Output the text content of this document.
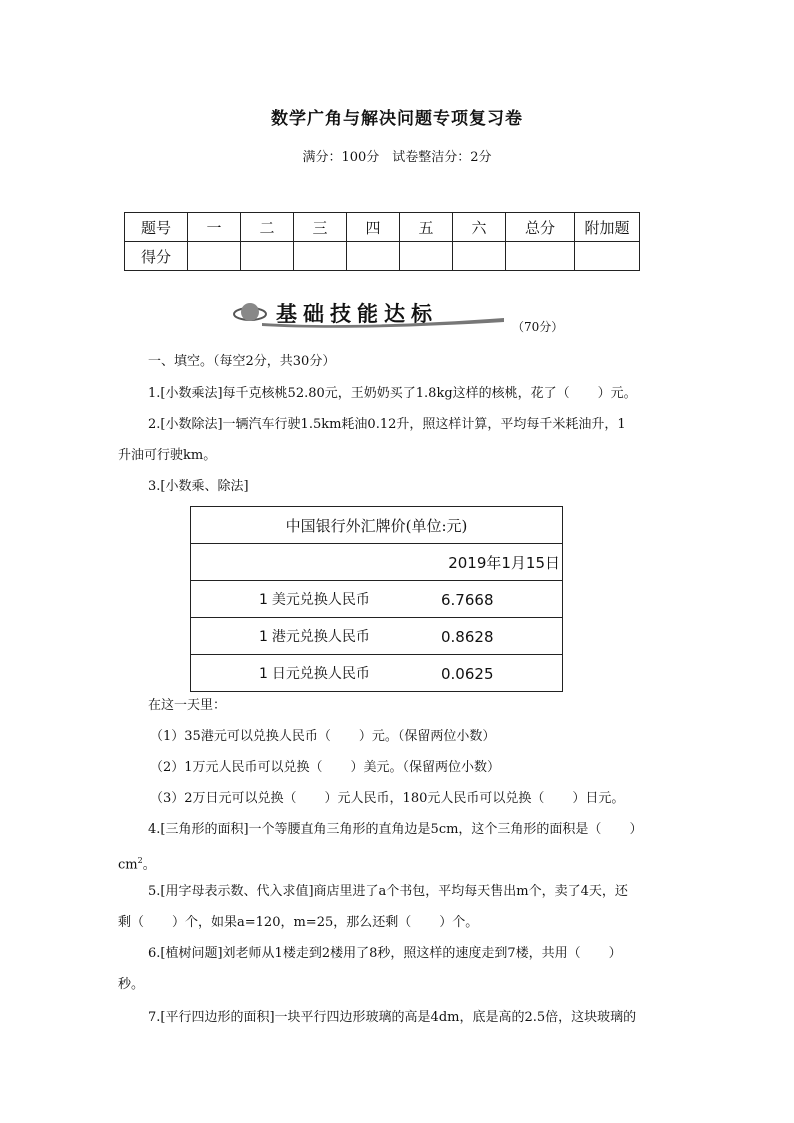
数学广角与解决问题专项复习卷
满分：100分　试卷整洁分：2分
题号	一	二	三	四	五	六	总分	附加题
得分								
基础技能达标
（70分）
一、填空。（每空2分，共30分）
1.[小数乘法]每千克核桃52.80元，王奶奶买了1.8kg这样的核桃，花了（ ）元。
2.[小数除法]一辆汽车行驶1.5km耗油0.12升，照这样计算，平均每千米耗油升，1
升油可行驶km。
3.[小数乘、除法]
中国银行外汇牌价(单位:元)
2019年1月15日
1 美元兑换人民币	6.7668

1 港元兑换人民币	0.8628

1 日元兑换人民币	0.0625
在这一天里：
（1）35港元可以兑换人民币（ ）元。（保留两位小数）
（2）1万元人民币可以兑换（ ）美元。（保留两位小数）
（3）2万日元可以兑换（ ）元人民币，180元人民币可以兑换（ ）日元。
4.[三角形的面积]一个等腰直角三角形的直角边是5cm，这个三角形的面积是（ ）
$cm^2$。
5.[用字母表示数、代入求值]商店里进了a个书包，平均每天售出m个，卖了4天，还
剩（ ）个，如果a=120，m=25，那么还剩（ ）个。
6.[植树问题]刘老师从1楼走到2楼用了8秒，照这样的速度走到7楼，共用（ ）
秒。
7.[平行四边形的面积]一块平行四边形玻璃的高是4dm，底是高的2.5倍，这块玻璃的
